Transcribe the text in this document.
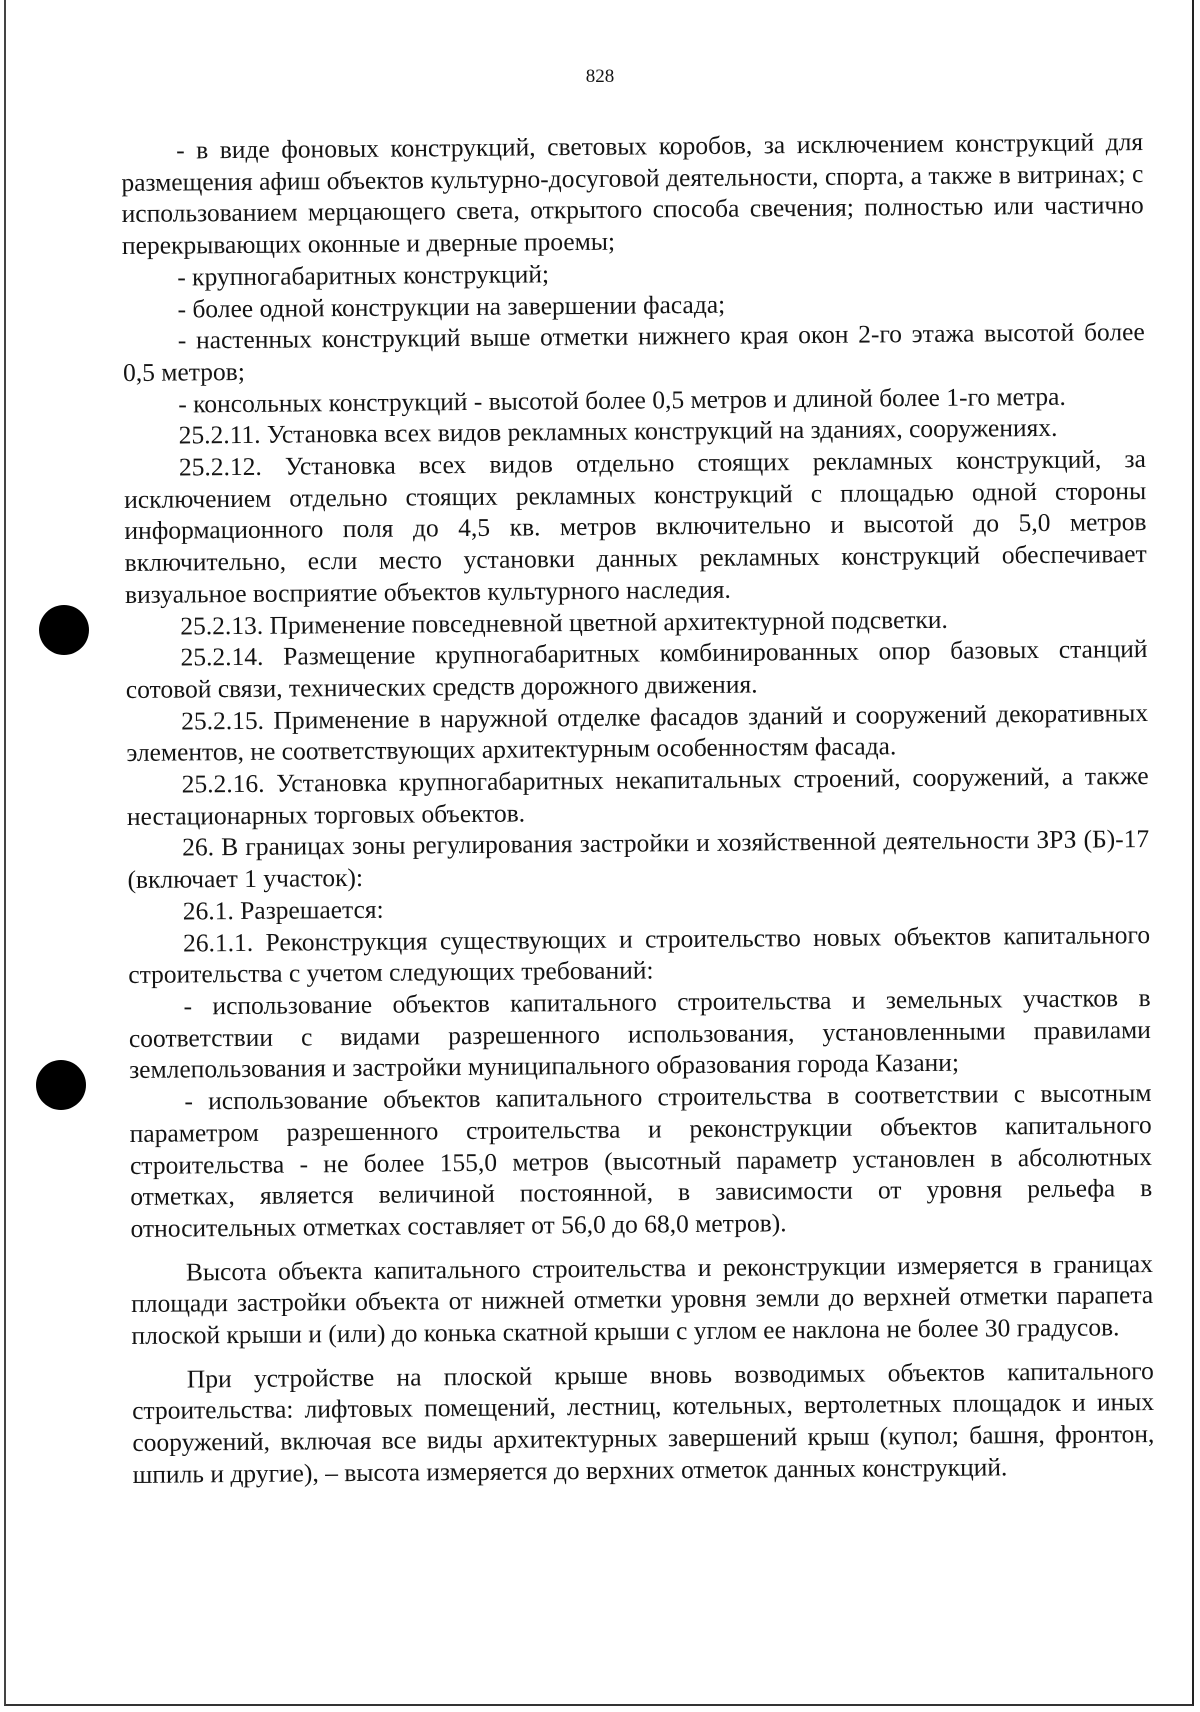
828

- в виде фоновых конструкций, световых коробов, за исключением конструкций для размещения афиш объектов культурно-досуговой деятельности, спорта, а также в витринах; с использованием мерцающего света, открытого способа свечения; полностью или частично перекрывающих оконные и дверные проемы;

- крупногабаритных конструкций;

- более одной конструкции на завершении фасада;

- настенных конструкций выше отметки нижнего края окон 2-го этажа высотой более 0,5 метров;

- консольных конструкций - высотой более 0,5 метров и длиной более 1-го метра.

25.2.11. Установка всех видов рекламных конструкций на зданиях, сооружениях.

25.2.12. Установка всех видов отдельно стоящих рекламных конструкций, за исключением отдельно стоящих рекламных конструкций с площадью одной стороны информационного поля до 4,5 кв. метров включительно и высотой до 5,0 метров включительно, если место установки данных рекламных конструкций обеспечивает визуальное восприятие объектов культурного наследия.

25.2.13. Применение повседневной цветной архитектурной подсветки.

25.2.14. Размещение крупногабаритных комбинированных опор базовых станций сотовой связи, технических средств дорожного движения.

25.2.15. Применение в наружной отделке фасадов зданий и сооружений декоративных элементов, не соответствующих архитектурным особенностям фасада.

25.2.16. Установка крупногабаритных некапитальных строений, сооружений, а также нестационарных торговых объектов.

26. В границах зоны регулирования застройки и хозяйственной деятельности ЗРЗ (Б)-17 (включает 1 участок):

26.1. Разрешается:

26.1.1. Реконструкция существующих и строительство новых объектов капитального строительства с учетом следующих требований:

- использование объектов капитального строительства и земельных участков в соответствии с видами разрешенного использования, установленными правилами землепользования и застройки муниципального образования города Казани;

- использование объектов капитального строительства в соответствии с высотным параметром разрешенного строительства и реконструкции объектов капитального строительства - не более 155,0 метров (высотный параметр установлен в абсолютных отметках, является величиной постоянной, в зависимости от уровня рельефа в относительных отметках составляет от 56,0 до 68,0 метров).

Высота объекта капитального строительства и реконструкции измеряется в границах площади застройки объекта от нижней отметки уровня земли до верхней отметки парапета плоской крыши и (или) до конька скатной крыши с углом ее наклона не более 30 градусов.

При устройстве на плоской крыше вновь возводимых объектов капитального строительства: лифтовых помещений, лестниц, котельных, вертолетных площадок и иных сооружений, включая все виды архитектурных завершений крыш (купол; башня, фронтон, шпиль и другие), – высота измеряется до верхних отметок данных конструкций.
